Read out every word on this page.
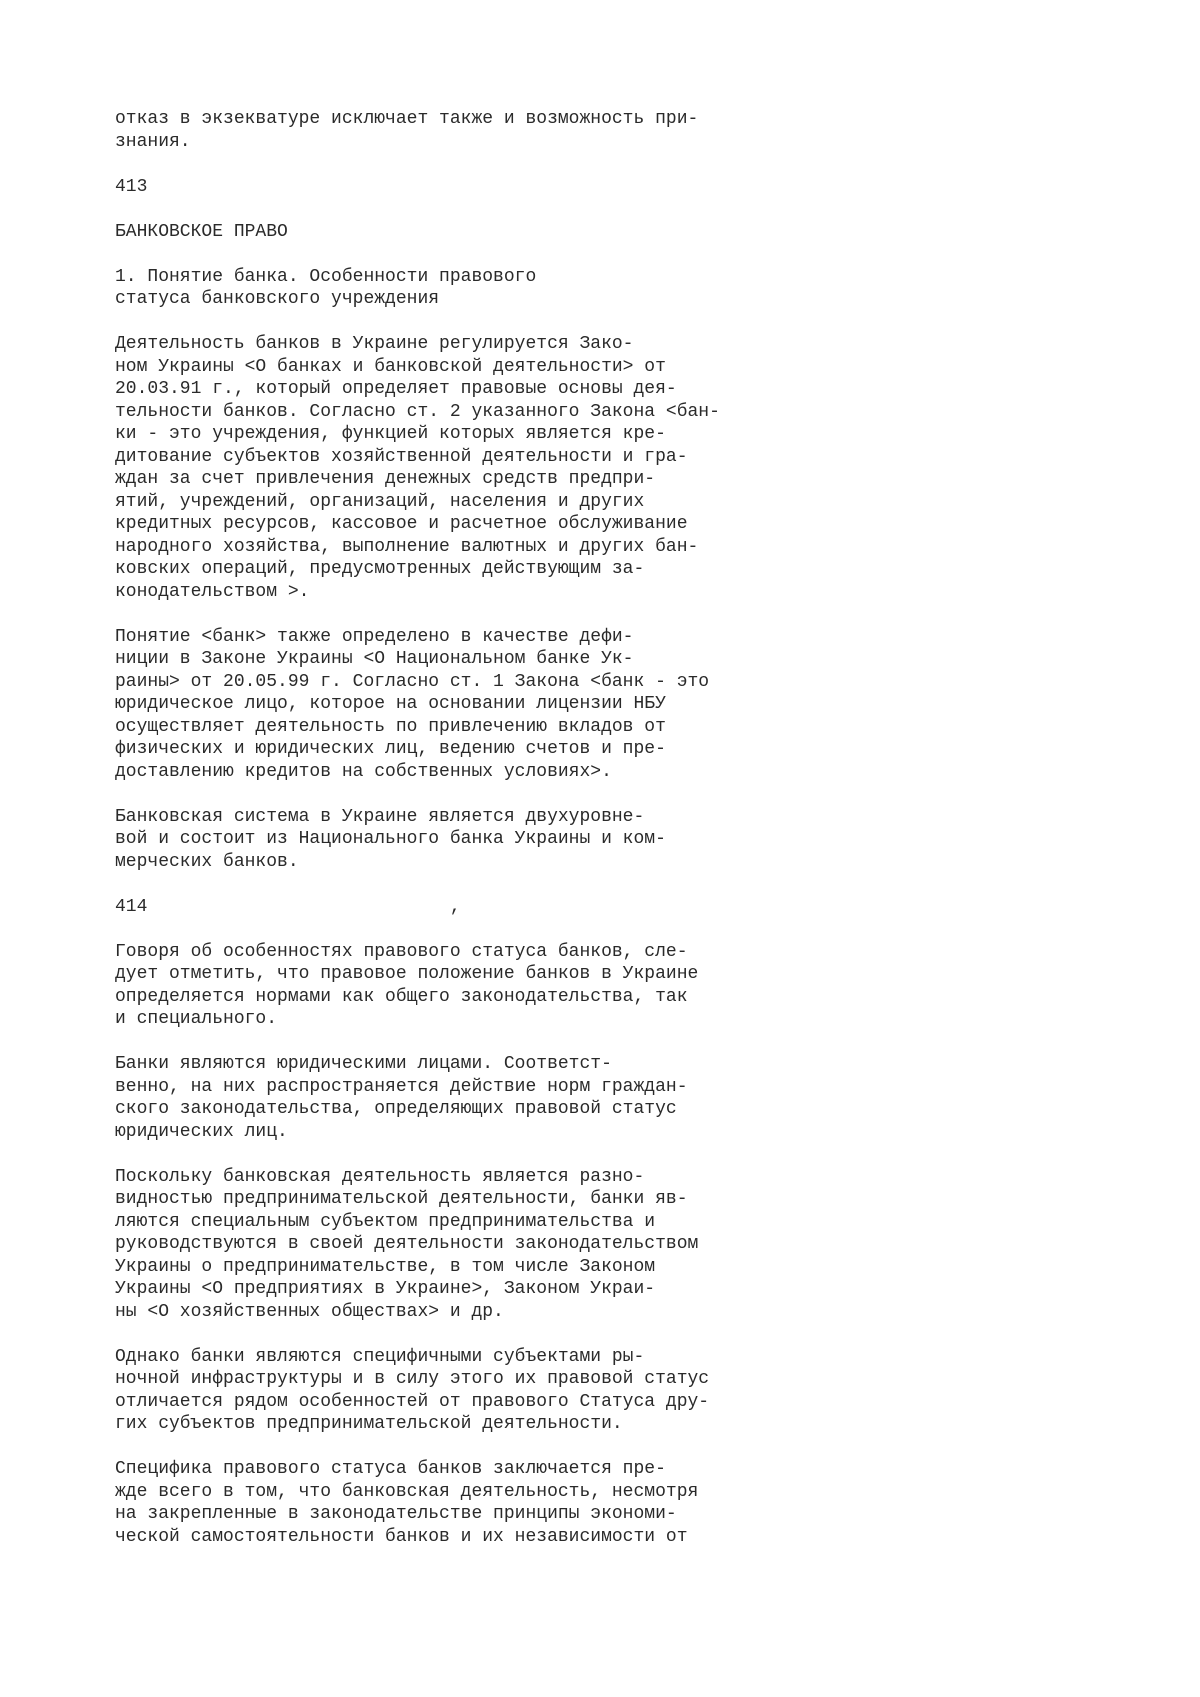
отказ в экзекватуре исключает также и возможность при-
знания.
413
БАНКОВСКОЕ ПРАВО
1. Понятие банка. Особенности правового
статуса банковского учреждения
Деятельность банков в Украине регулируется Зако-
ном Украины <О банках и банковской деятельности> от
20.03.91 г., который определяет правовые основы дея-
тельности банков. Согласно ст. 2 указанного Закона <бан-
ки - это учреждения, функцией которых является кре-
дитование субъектов хозяйственной деятельности и гра-
ждан за счет привлечения денежных средств предпри-
ятий, учреждений, организаций, населения и других
кредитных ресурсов, кассовое и расчетное обслуживание
народного хозяйства, выполнение валютных и других бан-
ковских операций, предусмотренных действующим за-
конодательством >.
Понятие <банк> также определено в качестве дефи-
ниции в Законе Украины <О Национальном банке Ук-
раины> от 20.05.99 г. Согласно ст. 1 Закона <банк - это
юридическое лицо, которое на основании лицензии НБУ
осуществляет деятельность по привлечению вкладов от
физических и юридических лиц, ведению счетов и пре-
доставлению кредитов на собственных условиях>.
Банковская система в Украине является двухуровне-
вой и состоит из Национального банка Украины и ком-
мерческих банков.
414                            ,
Говоря об особенностях правового статуса банков, сле-
дует отметить, что правовое положение банков в Украине
определяется нормами как общего законодательства, так
и специального.
Банки являются юридическими лицами. Соответст-
венно, на них распространяется действие норм граждан-
ского законодательства, определяющих правовой статус
юридических лиц.
Поскольку банковская деятельность является разно-
видностью предпринимательской деятельности, банки яв-
ляются специальным субъектом предпринимательства и
руководствуются в своей деятельности законодательством
Украины о предпринимательстве, в том числе Законом
Украины <О предприятиях в Украине>, Законом Украи-
ны <О хозяйственных обществах> и др.
Однако банки являются специфичными субъектами ры-
ночной инфраструктуры и в силу этого их правовой статус
отличается рядом особенностей от правового Статуса дру-
гих субъектов предпринимательской деятельности.
Специфика правового статуса банков заключается пре-
жде всего в том, что банковская деятельность, несмотря
на закрепленные в законодательстве принципы экономи-
ческой самостоятельности банков и их независимости от
